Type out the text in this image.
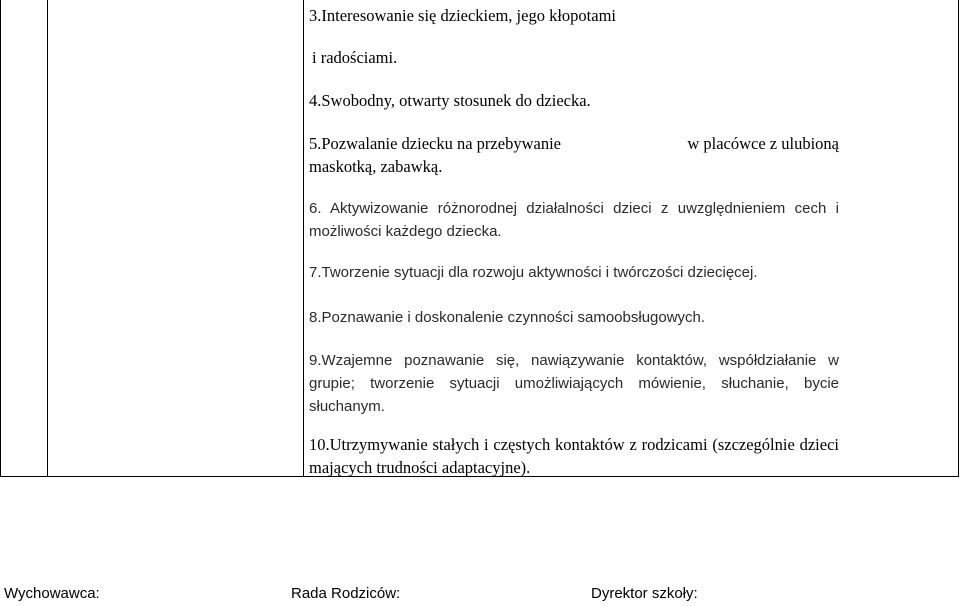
3.Interesowanie się dzieckiem, jego kłopotami
i radościami.
4.Swobodny, otwarty stosunek do dziecka.
5.Pozwalanie dziecku na przebywanie	w placówce z ulubioną
maskotką, zabawką.
6. Aktywizowanie różnorodnej działalności dzieci z uwzględnieniem cech i możliwości każdego dziecka.
7.Tworzenie sytuacji dla rozwoju aktywności i twórczości dziecięcej.
8.Poznawanie i doskonalenie czynności samoobsługowych.
9.Wzajemne poznawanie się, nawiązywanie kontaktów, współdziałanie w grupie; tworzenie sytuacji umożliwiających mówienie, słuchanie, bycie słuchanym.
10.Utrzymywanie stałych i częstych kontaktów z rodzicami (szczególnie dzieci mających trudności adaptacyjne).
Wychowawca:	Rada Rodziców:	Dyrektor szkoły:
